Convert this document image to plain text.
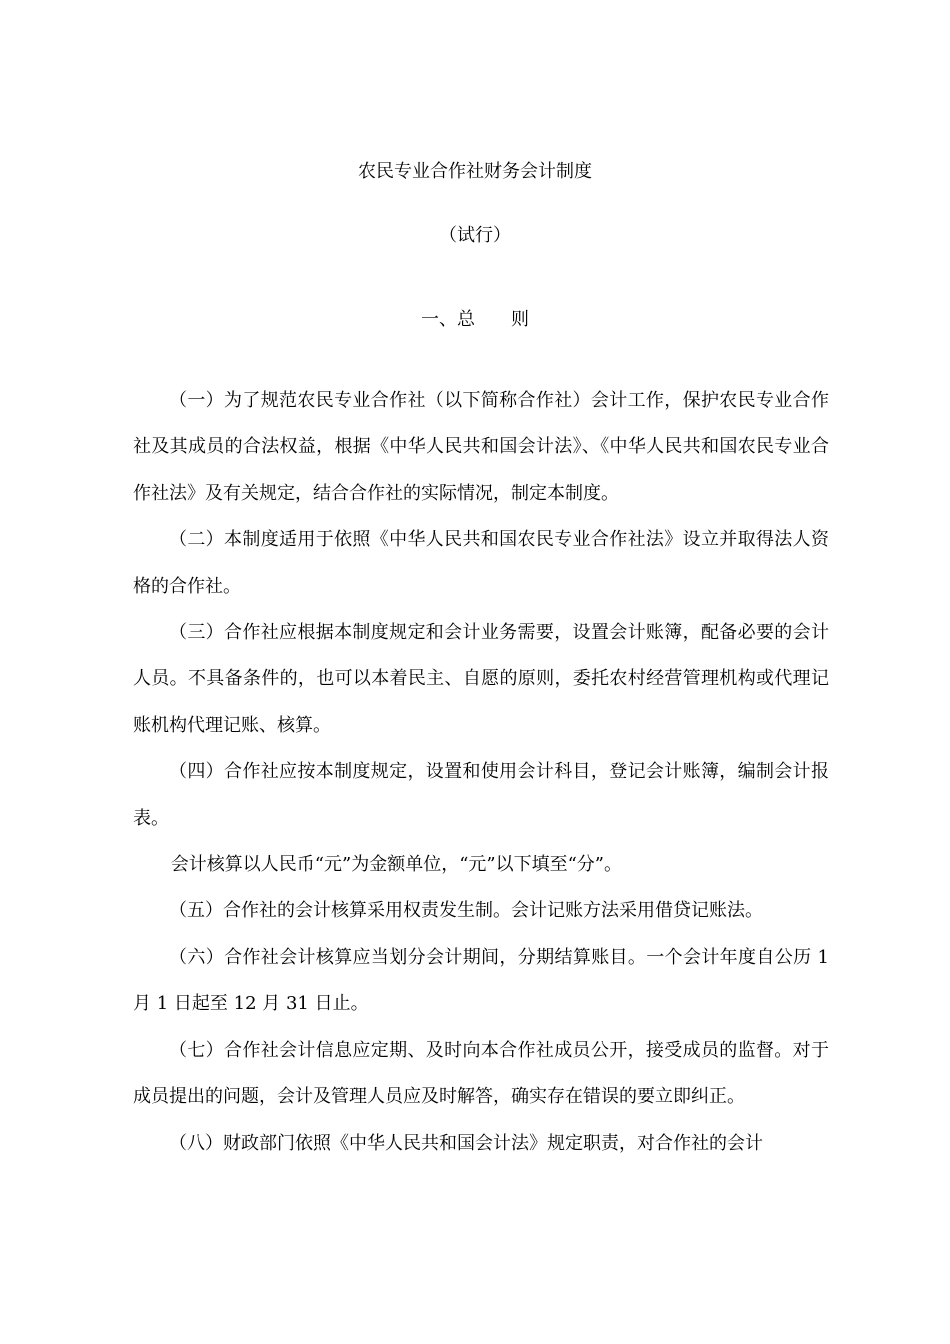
农民专业合作社财务会计制度
（试行）
一、总　　则

（一）为了规范农民专业合作社（以下简称合作社）会计工作，保护农民专业合作社及其成员的合法权益，根据《中华人民共和国会计法》、《中华人民共和国农民专业合作社法》及有关规定，结合合作社的实际情况，制定本制度。

（二）本制度适用于依照《中华人民共和国农民专业合作社法》设立并取得法人资格的合作社。

（三）合作社应根据本制度规定和会计业务需要，设置会计账簿，配备必要的会计人员。不具备条件的，也可以本着民主、自愿的原则，委托农村经营管理机构或代理记账机构代理记账、核算。

（四）合作社应按本制度规定，设置和使用会计科目，登记会计账簿，编制会计报表。

会计核算以人民币“元”为金额单位，“元”以下填至“分”。

（五）合作社的会计核算采用权责发生制。会计记账方法采用借贷记账法。

（六）合作社会计核算应当划分会计期间，分期结算账目。一个会计年度自公历 1 月 1 日起至 12 月 31 日止。

（七）合作社会计信息应定期、及时向本合作社成员公开，接受成员的监督。对于成员提出的问题，会计及管理人员应及时解答，确实存在错误的要立即纠正。

（八）财政部门依照《中华人民共和国会计法》规定职责，对合作社的会计
